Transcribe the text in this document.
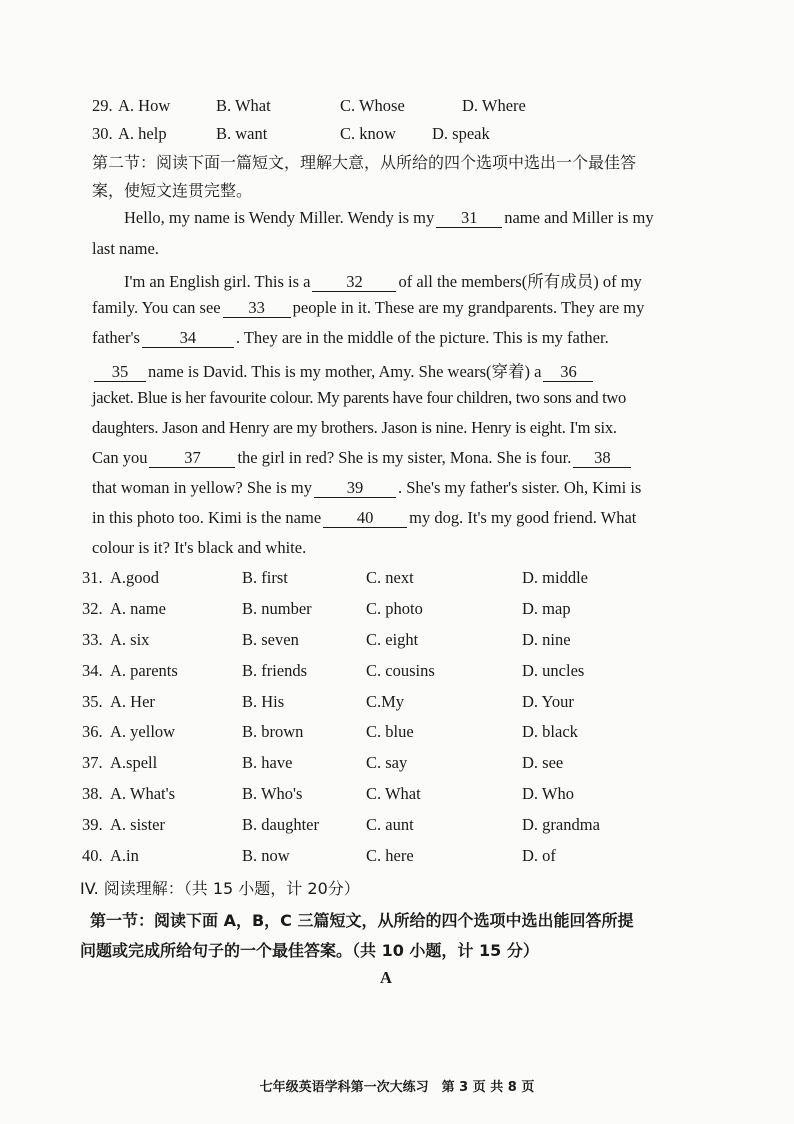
29. A. How	B. What	C. Whose	D. Where
30. A. help	B. want	C. know D. speak
第二节：阅读下面一篇短文，理解大意，从所给的四个选项中选出一个最佳答
案，使短文连贯完整。
Hello, my name is Wendy Miller. Wendy is my 31 name and Miller is my
last name.
I'm an English girl. This is a 32 of all the members(所有成员) of my
family. You can see 33 people in it. These are my grandparents. They are my
father's 34 . They are in the middle of the picture. This is my father.
35 name is David. This is my mother, Amy. She wears(穿着) a 36
jacket. Blue is her favourite colour. My parents have four children, two sons and two
daughters. Jason and Henry are my brothers. Jason is nine. Henry is eight. I'm six.
Can you 37 the girl in red? She is my sister, Mona. She is four. 38
that woman in yellow? She is my 39 . She's my father's sister. Oh, Kimi is
in this photo too. Kimi is the name 40 my dog. It's my good friend. What
colour is it? It's black and white.
31. A.good	B. first	C. next	D. middle
32. A. name	B. number	C. photo	D. map
33. A. six	B. seven	C. eight	D. nine
34. A. parents	B. friends	C. cousins	D. uncles
35. A. Her	B. His	C.My	D. Your
36. A. yellow	B. brown	C. blue	D. black
37. A.spell	B. have	C. say	D. see
38. A. What's	B. Who's	C. What	D. Who
39. A. sister	B. daughter	C. aunt	D. grandma
40. A.in	B. now	C. here	D. of
IV. 阅读理解：（共 15 小题，计 20分）
第一节：阅读下面 A，B，C 三篇短文，从所给的四个选项中选出能回答所提
问题或完成所给句子的一个最佳答案。（共 10 小题，计 15 分）
A
七年级英语学科第一次大练习　第 3 页 共 8 页
